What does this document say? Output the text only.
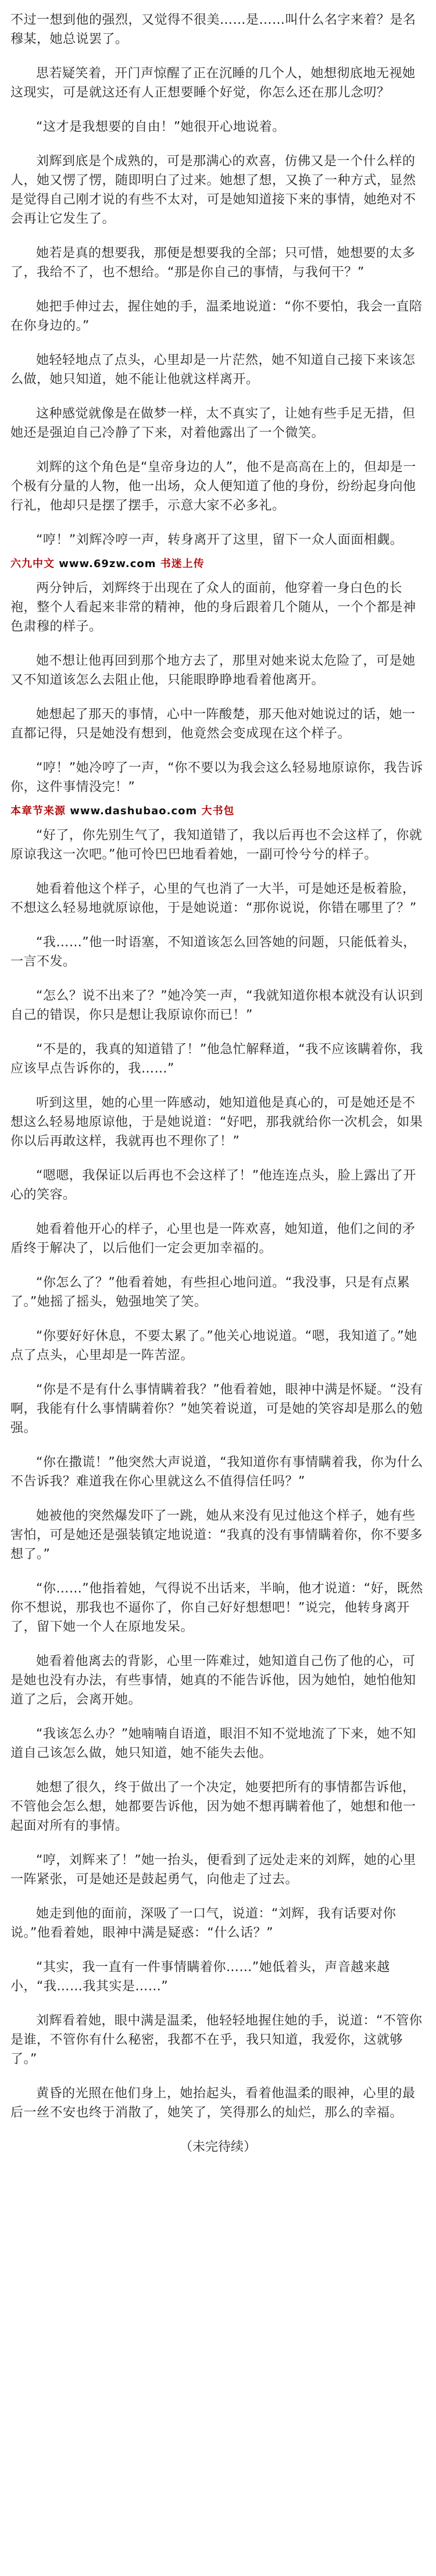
不过一想到他的强烈，又觉得不很美……是……叫什么名字来着？是名穆某，她总说罢了。

思若疑笑着，开门声惊醒了正在沉睡的几个人，她想彻底地无视她这现实，可是就这还有人正想要睡个好觉，你怎么还在那儿念叨？

“这才是我想要的自由！”她很开心地说着。

刘辉到底是个成熟的，可是那满心的欢喜，仿佛又是一个什么样的人，她又愣了愣，随即明白了过来。她想了想，又换了一种方式，显然是觉得自己刚才说的有些不太对，可是她知道接下来的事情，她绝对不会再让它发生了。

她若是真的想要我，那便是想要我的全部；只可惜，她想要的太多了，我给不了，也不想给。“那是你自己的事情，与我何干？”

她把手伸过去，握住她的手，温柔地说道：“你不要怕，我会一直陪在你身边的。”

她轻轻地点了点头，心里却是一片茫然，她不知道自己接下来该怎么做，她只知道，她不能让他就这样离开。

这种感觉就像是在做梦一样，太不真实了，让她有些手足无措，但她还是强迫自己冷静了下来，对着他露出了一个微笑。

刘辉的这个角色是“皇帝身边的人”，他不是高高在上的，但却是一个极有分量的人物，他一出场，众人便知道了他的身份，纷纷起身向他行礼，他却只是摆了摆手，示意大家不必多礼。

“哼！”刘辉冷哼一声，转身离开了这里，留下一众人面面相觑。

六九中文 www.69zw.com 书迷上传

两分钟后，刘辉终于出现在了众人的面前，他穿着一身白色的长袍，整个人看起来非常的精神，他的身后跟着几个随从，一个个都是神色肃穆的样子。

她不想让他再回到那个地方去了，那里对她来说太危险了，可是她又不知道该怎么去阻止他，只能眼睁睁地看着他离开。

她想起了那天的事情，心中一阵酸楚，那天他对她说过的话，她一直都记得，只是她没有想到，他竟然会变成现在这个样子。

“哼！”她冷哼了一声，“你不要以为我会这么轻易地原谅你，我告诉你，这件事情没完！”

本章节来源 www.dashubao.com 大书包

“好了，你先别生气了，我知道错了，我以后再也不会这样了，你就原谅我这一次吧。”他可怜巴巴地看着她，一副可怜兮兮的样子。

她看着他这个样子，心里的气也消了一大半，可是她还是板着脸，不想这么轻易地就原谅他，于是她说道：“那你说说，你错在哪里了？”

“我……”他一时语塞，不知道该怎么回答她的问题，只能低着头，一言不发。

“怎么？说不出来了？”她冷笑一声，“我就知道你根本就没有认识到自己的错误，你只是想让我原谅你而已！”

“不是的，我真的知道错了！”他急忙解释道，“我不应该瞒着你，我应该早点告诉你的，我……”

听到这里，她的心里一阵感动，她知道他是真心的，可是她还是不想这么轻易地原谅他，于是她说道：“好吧，那我就给你一次机会，如果你以后再敢这样，我就再也不理你了！”

“嗯嗯，我保证以后再也不会这样了！”他连连点头，脸上露出了开心的笑容。

她看着他开心的样子，心里也是一阵欢喜，她知道，他们之间的矛盾终于解决了，以后他们一定会更加幸福的。

“你怎么了？”他看着她，有些担心地问道。“我没事，只是有点累了。”她摇了摇头，勉强地笑了笑。

“你要好好休息，不要太累了。”他关心地说道。“嗯，我知道了。”她点了点头，心里却是一阵苦涩。

“你是不是有什么事情瞒着我？”他看着她，眼神中满是怀疑。“没有啊，我能有什么事情瞒着你？”她笑着说道，可是她的笑容却是那么的勉强。

“你在撒谎！”他突然大声说道，“我知道你有事情瞒着我，你为什么不告诉我？难道我在你心里就这么不值得信任吗？”

她被他的突然爆发吓了一跳，她从来没有见过他这个样子，她有些害怕，可是她还是强装镇定地说道：“我真的没有事情瞒着你，你不要多想了。”

“你……”他指着她，气得说不出话来，半晌，他才说道：“好，既然你不想说，那我也不逼你了，你自己好好想想吧！”说完，他转身离开了，留下她一个人在原地发呆。

她看着他离去的背影，心里一阵难过，她知道自己伤了他的心，可是她也没有办法，有些事情，她真的不能告诉他，因为她怕，她怕他知道了之后，会离开她。

“我该怎么办？”她喃喃自语道，眼泪不知不觉地流了下来，她不知道自己该怎么做，她只知道，她不能失去他。

她想了很久，终于做出了一个决定，她要把所有的事情都告诉他，不管他会怎么想，她都要告诉他，因为她不想再瞒着他了，她想和他一起面对所有的事情。

“哼，刘辉来了！”她一抬头，便看到了远处走来的刘辉，她的心里一阵紧张，可是她还是鼓起勇气，向他走了过去。

她走到他的面前，深吸了一口气，说道：“刘辉，我有话要对你说。”他看着她，眼神中满是疑惑：“什么话？”

“其实，我一直有一件事情瞒着你……”她低着头，声音越来越小，“我……我其实是……”

刘辉看着她，眼中满是温柔，他轻轻地握住她的手，说道：“不管你是谁，不管你有什么秘密，我都不在乎，我只知道，我爱你，这就够了。”

黄昏的光照在他们身上，她抬起头，看着他温柔的眼神，心里的最后一丝不安也终于消散了，她笑了，笑得那么的灿烂，那么的幸福。

（未完待续）
